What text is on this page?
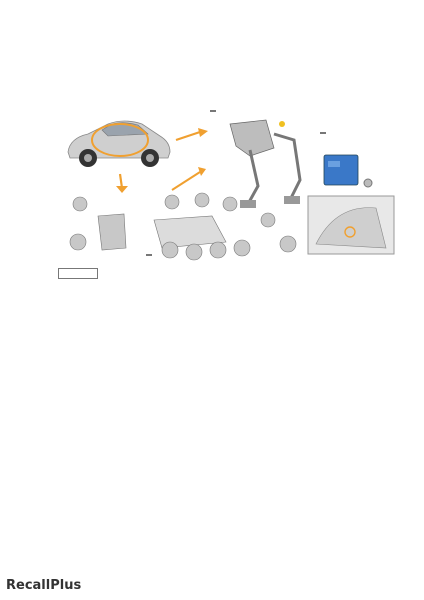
RecallPlus
